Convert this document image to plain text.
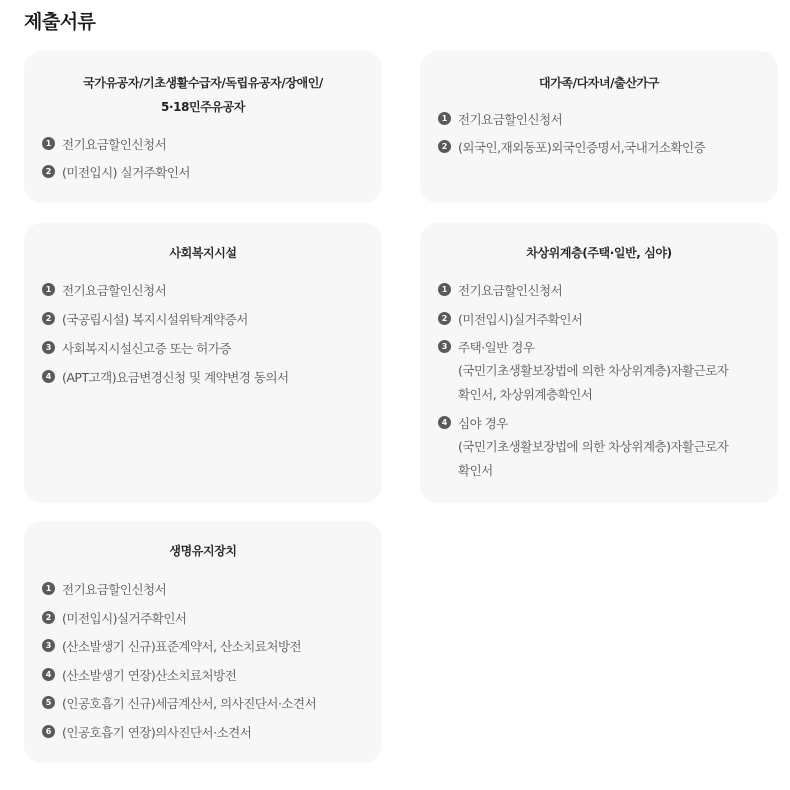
제출서류
국가유공자/기초생활수급자/독립유공자/장애인/
5·18민주유공자
1 전기요금할인신청서
2 (미전입시) 실거주확인서
대가족/다자녀/출산가구
1 전기요금할인신청서
2 (외국인,재외동포)외국인증명서,국내거소확인증
사회복지시설
1 전기요금할인신청서
2 (국공립시설) 복지시설위탁계약증서
3 사회복지시설신고증 또는 허가증
4 (APT고객)요금변경신청 및 계약변경 동의서
차상위계층(주택·일반, 심야)
1 전기요금할인신청서
2 (미전입시)실거주확인서
3 주택·일반 경우
(국민기초생활보장법에 의한 차상위계층)자활근로자
확인서, 차상위계층확인서
4 심야 경우
(국민기초생활보장법에 의한 차상위계층)자활근로자
확인서
생명유지장치
1 전기요금할인신청서
2 (미전입시)실거주확인서
3 (산소발생기 신규)표준계약서, 산소치료처방전
4 (산소발생기 연장)산소치료처방전
5 (인공호흡기 신규)세금계산서, 의사진단서·소견서
6 (인공호흡기 연장)의사진단서·소견서
